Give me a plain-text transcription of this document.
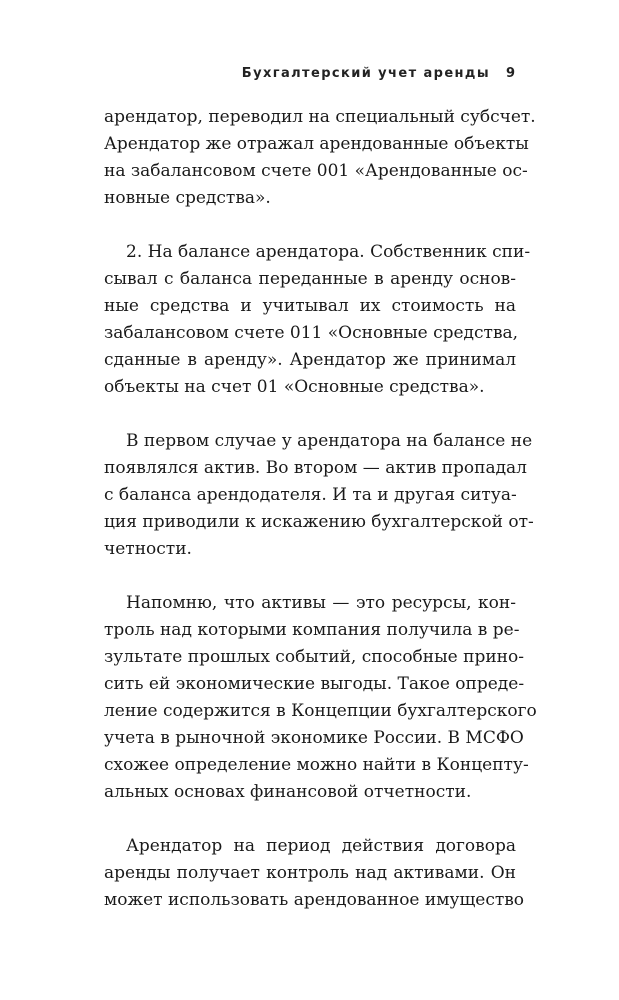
Бухгалтерский учет аренды 9
арендатор, переводил на специальный субсчет.
Арендатор же отражал арендованные объекты
на забалансовом счете 001 «Арендованные ос-
новные средства».
2. На балансе арендатора. Собственник спи-
сывал с баланса переданные в аренду основ-
ные средства и учитывал их стоимость на
забалансовом счете 011 «Основные средства,
сданные в аренду». Арендатор же принимал
объекты на счет 01 «Основные средства».
В первом случае у арендатора на балансе не
появлялся актив. Во втором — актив пропадал
с баланса арендодателя. И та и другая ситуа-
ция приводили к искажению бухгалтерской от-
четности.
Напомню, что активы — это ресурсы, кон-
троль над которыми компания получила в ре-
зультате прошлых событий, способные прино-
сить ей экономические выгоды. Такое опреде-
ление содержится в Концепции бухгалтерского
учета в рыночной экономике России. В МСФО
схожее определение можно найти в Концепту-
альных основах финансовой отчетности.
Арендатор на период действия договора
аренды получает контроль над активами. Он
может использовать арендованное имущество
